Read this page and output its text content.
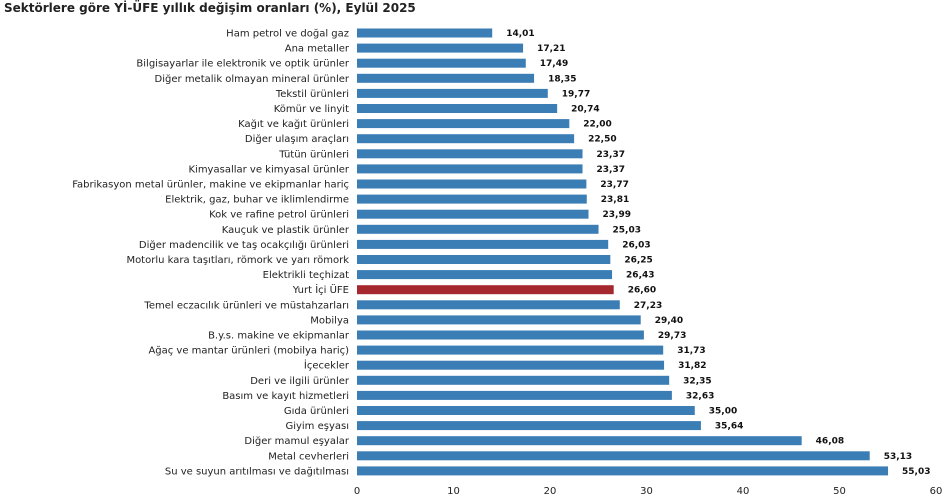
Sektörlere göre Yİ-ÜFE yıllık değişim oranları (%), Eylül 2025
Ham petrol ve doğal gaz	14,01
Ana metaller	17,21
Bilgisayarlar ile elektronik ve optik ürünler	17,49
Diğer metalik olmayan mineral ürünler	18,35
Tekstil ürünleri	19,77
Kömür ve linyit	20,74
Kağıt ve kağıt ürünleri	22,00
Diğer ulaşım araçları	22,50
Tütün ürünleri	23,37
Kimyasallar ve kimyasal ürünler	23,37
Fabrikasyon metal ürünler, makine ve ekipmanlar hariç	23,77
Elektrik, gaz, buhar ve iklimlendirme	23,81
Kok ve rafine petrol ürünleri	23,99
Kauçuk ve plastik ürünler	25,03
Diğer madencilik ve taş ocakçılığı ürünleri	26,03
Motorlu kara taşıtları, römork ve yarı römork	26,25
Elektrikli teçhizat	26,43
Yurt İçi ÜFE	26,60
Temel eczacılık ürünleri ve müstahzarları	27,23
Mobilya	29,40
B.y.s. makine ve ekipmanlar	29,73
Ağaç ve mantar ürünleri (mobilya hariç)	31,73
İçecekler	31,82
Deri ve ilgili ürünler	32,35
Basım ve kayıt hizmetleri	32,63
Gıda ürünleri	35,00
Giyim eşyası	35,64
Diğer mamul eşyalar	46,08
Metal cevherleri	53,13
Su ve suyun arıtılması ve dağıtılması	55,03
0	10	20	30	40	50	60
